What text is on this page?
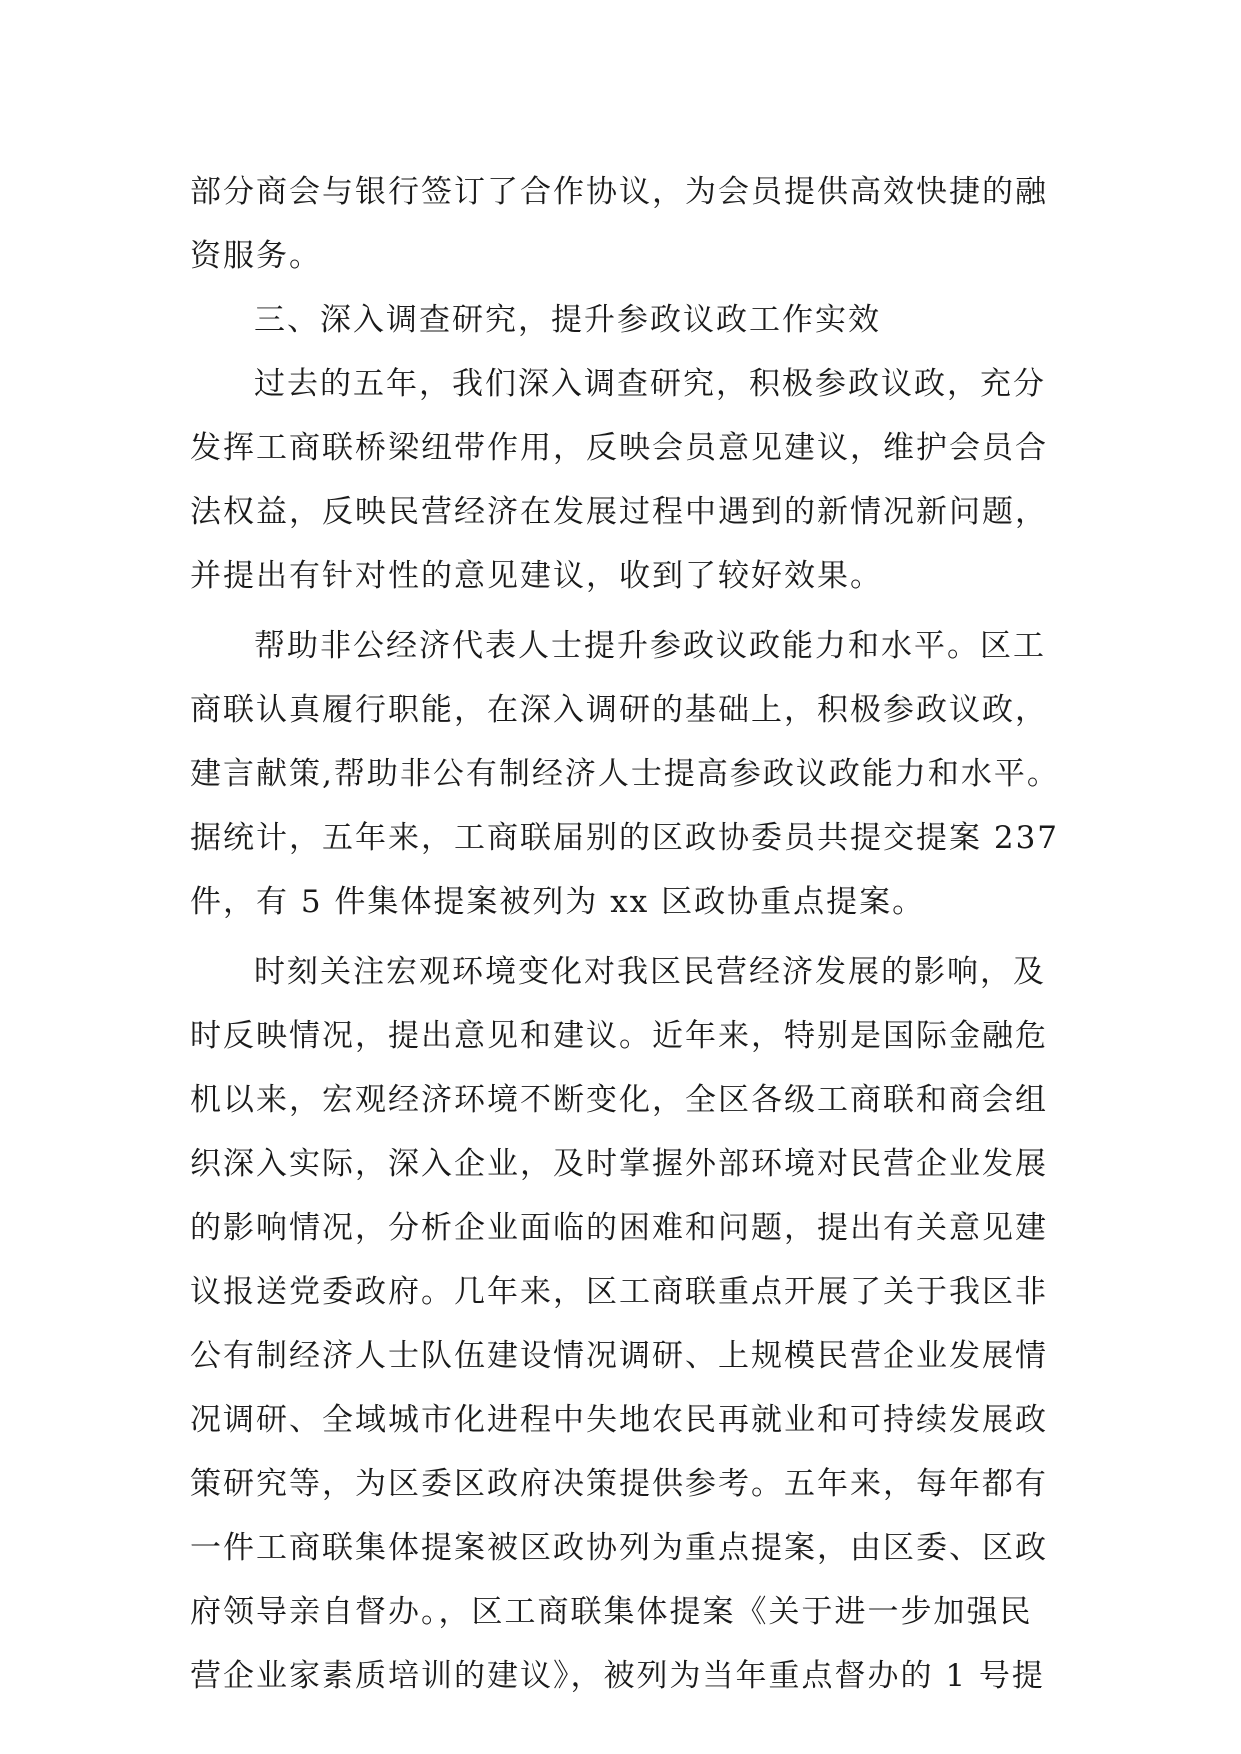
部分商会与银行签订了合作协议，为会员提供高效快捷的融
资服务。
三、深入调查研究，提升参政议政工作实效
过去的五年，我们深入调查研究，积极参政议政，充分
发挥工商联桥梁纽带作用，反映会员意见建议，维护会员合
法权益，反映民营经济在发展过程中遇到的新情况新问题，
并提出有针对性的意见建议，收到了较好效果。
帮助非公经济代表人士提升参政议政能力和水平。区工
商联认真履行职能，在深入调研的基础上，积极参政议政，
建言献策,帮助非公有制经济人士提高参政议政能力和水平。
据统计，五年来，工商联届别的区政协委员共提交提案 237
件，有 5 件集体提案被列为 xx 区政协重点提案。
时刻关注宏观环境变化对我区民营经济发展的影响，及
时反映情况，提出意见和建议。近年来，特别是国际金融危
机以来，宏观经济环境不断变化，全区各级工商联和商会组
织深入实际，深入企业，及时掌握外部环境对民营企业发展
的影响情况，分析企业面临的困难和问题，提出有关意见建
议报送党委政府。几年来，区工商联重点开展了关于我区非
公有制经济人士队伍建设情况调研、上规模民营企业发展情
况调研、全域城市化进程中失地农民再就业和可持续发展政
策研究等，为区委区政府决策提供参考。五年来，每年都有
一件工商联集体提案被区政协列为重点提案，由区委、区政
府领导亲自督办。，区工商联集体提案《关于进一步加强民
营企业家素质培训的建议》，被列为当年重点督办的 1 号提
